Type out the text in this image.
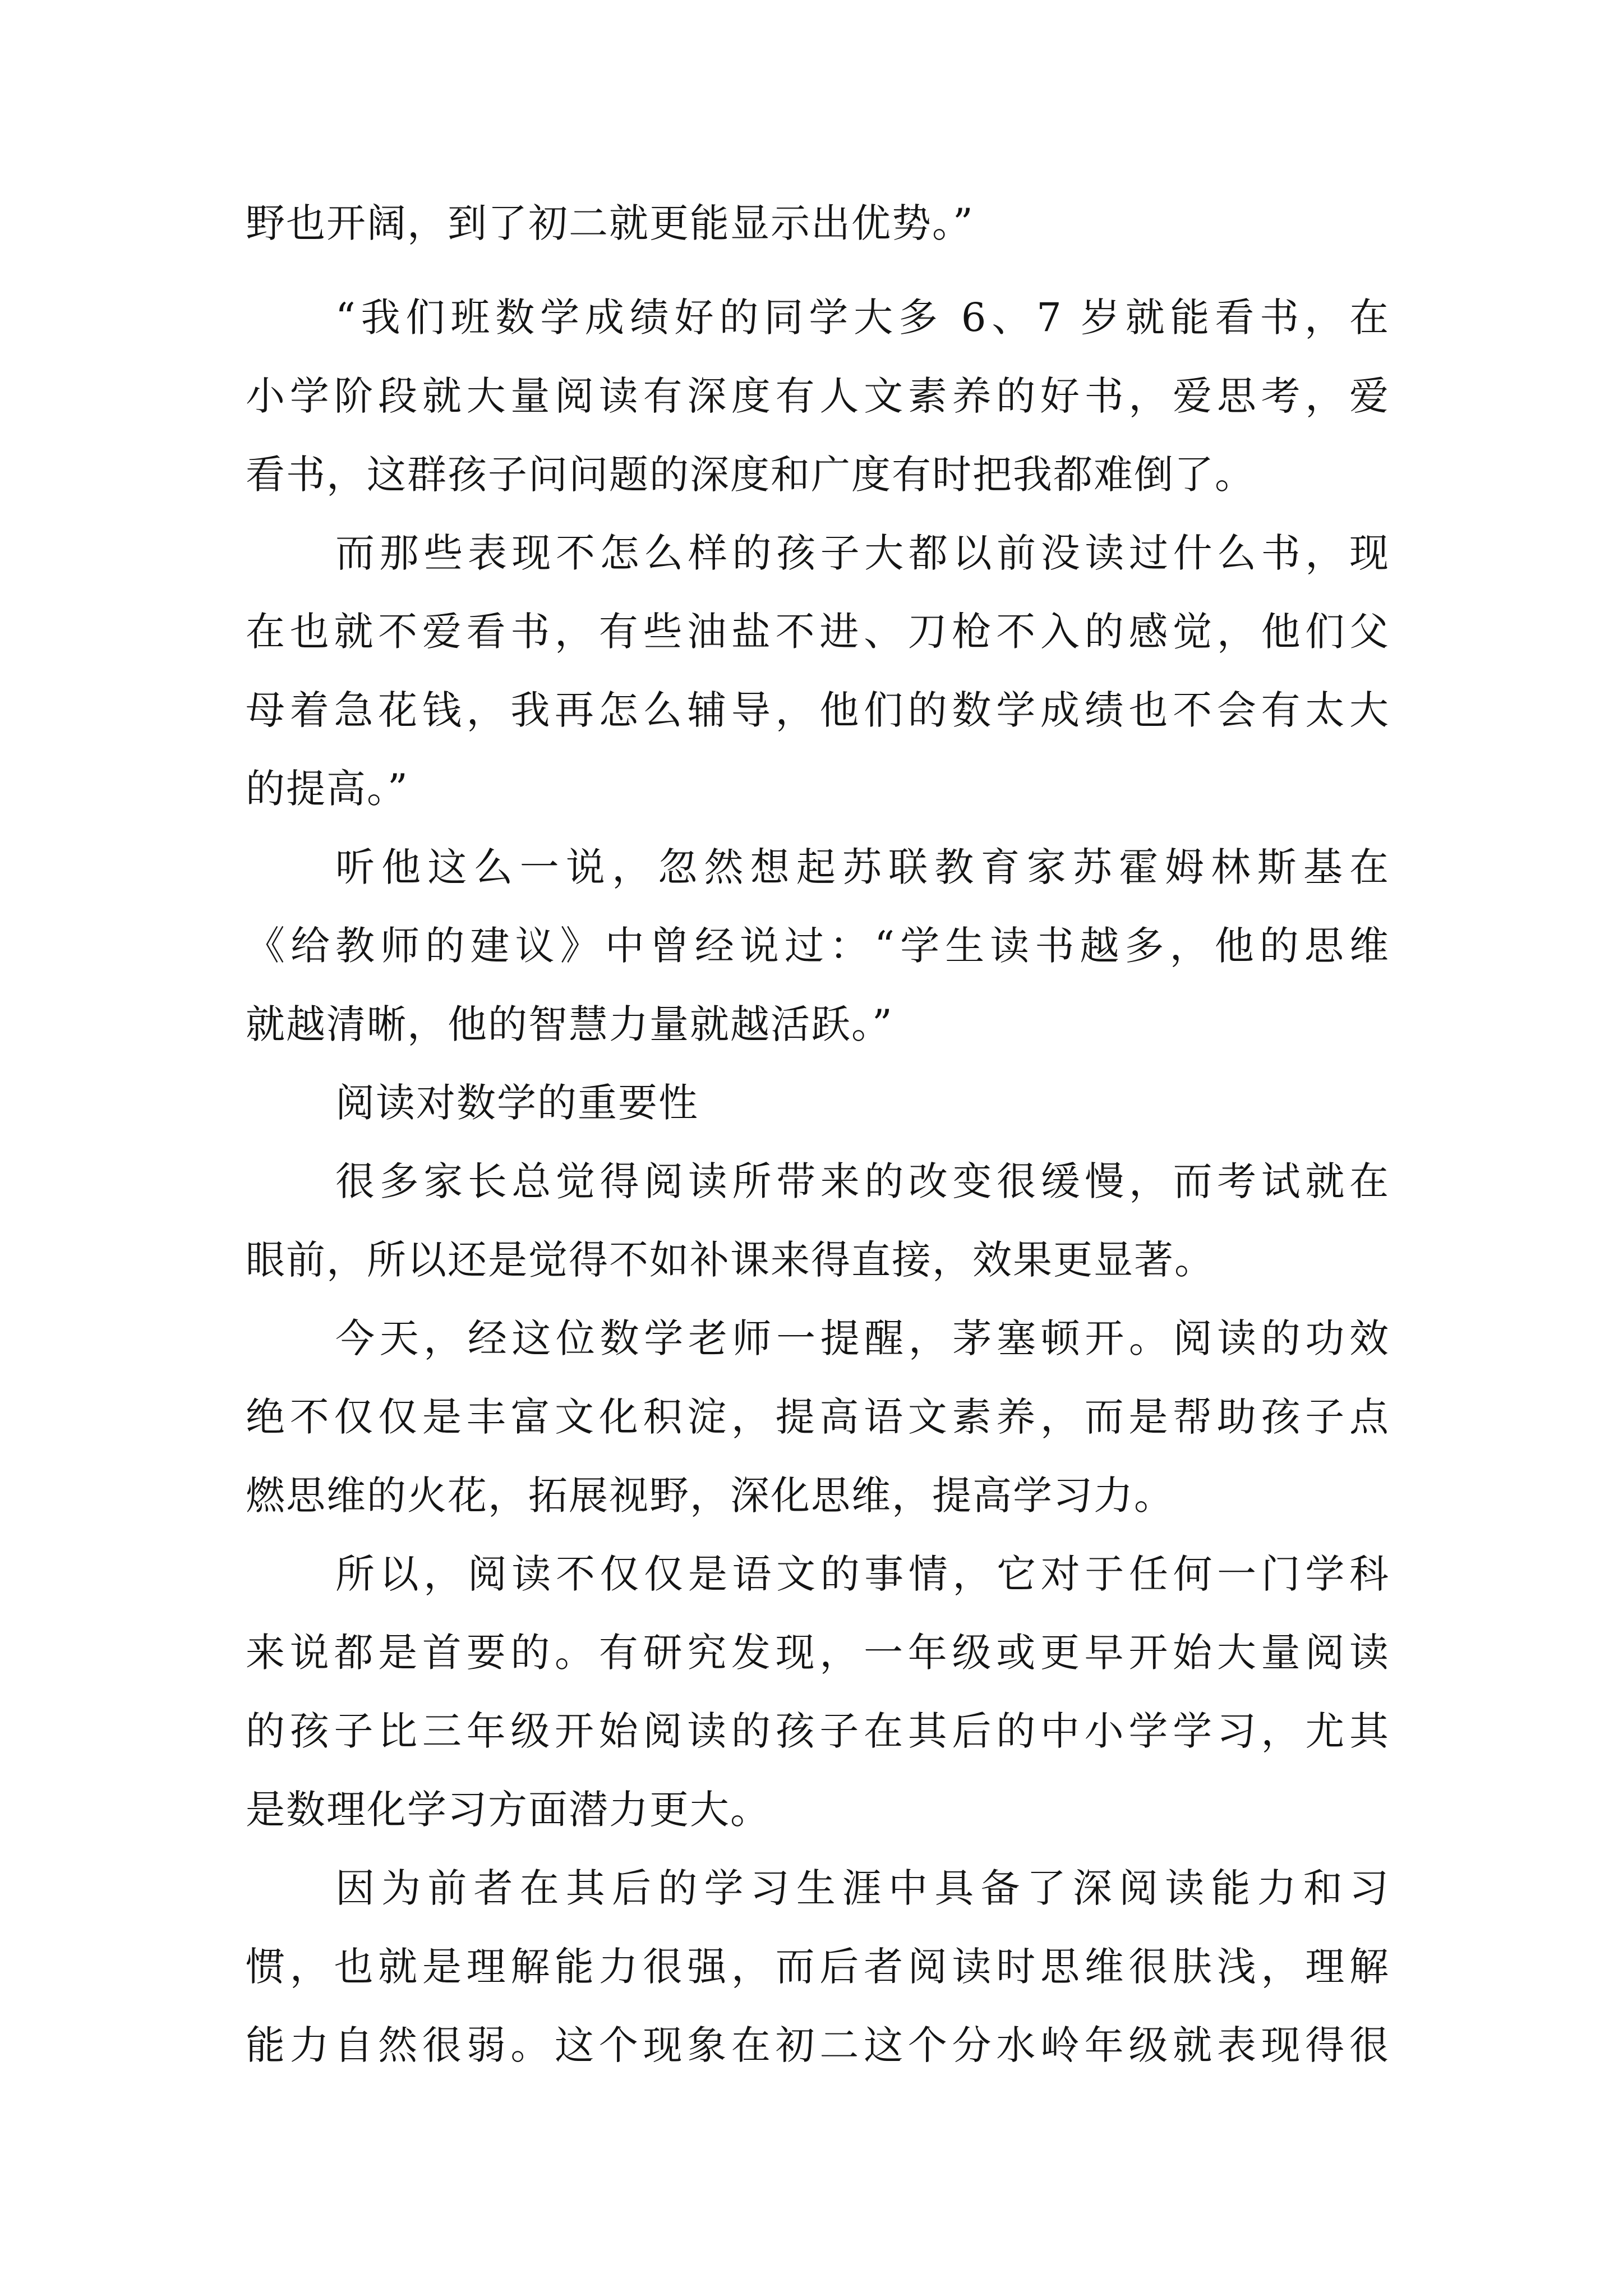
野也开阔，到了初二就更能显示出优势。”
“我们班数学成绩好的同学大多 6、7 岁就能看书，在
小学阶段就大量阅读有深度有人文素养的好书，爱思考，爱
看书，这群孩子问问题的深度和广度有时把我都难倒了。
而那些表现不怎么样的孩子大都以前没读过什么书，现
在也就不爱看书，有些油盐不进、刀枪不入的感觉，他们父
母着急花钱，我再怎么辅导，他们的数学成绩也不会有太大
的提高。”
听他这么一说，忽然想起苏联教育家苏霍姆林斯基在
《给教师的建议》中曾经说过：“学生读书越多，他的思维
就越清晰，他的智慧力量就越活跃。”
阅读对数学的重要性
很多家长总觉得阅读所带来的改变很缓慢，而考试就在
眼前，所以还是觉得不如补课来得直接，效果更显著。
今天，经这位数学老师一提醒，茅塞顿开。阅读的功效
绝不仅仅是丰富文化积淀，提高语文素养，而是帮助孩子点
燃思维的火花，拓展视野，深化思维，提高学习力。
所以，阅读不仅仅是语文的事情，它对于任何一门学科
来说都是首要的。有研究发现，一年级或更早开始大量阅读
的孩子比三年级开始阅读的孩子在其后的中小学学习，尤其
是数理化学习方面潜力更大。
因为前者在其后的学习生涯中具备了深阅读能力和习
惯，也就是理解能力很强，而后者阅读时思维很肤浅，理解
能力自然很弱。这个现象在初二这个分水岭年级就表现得很
